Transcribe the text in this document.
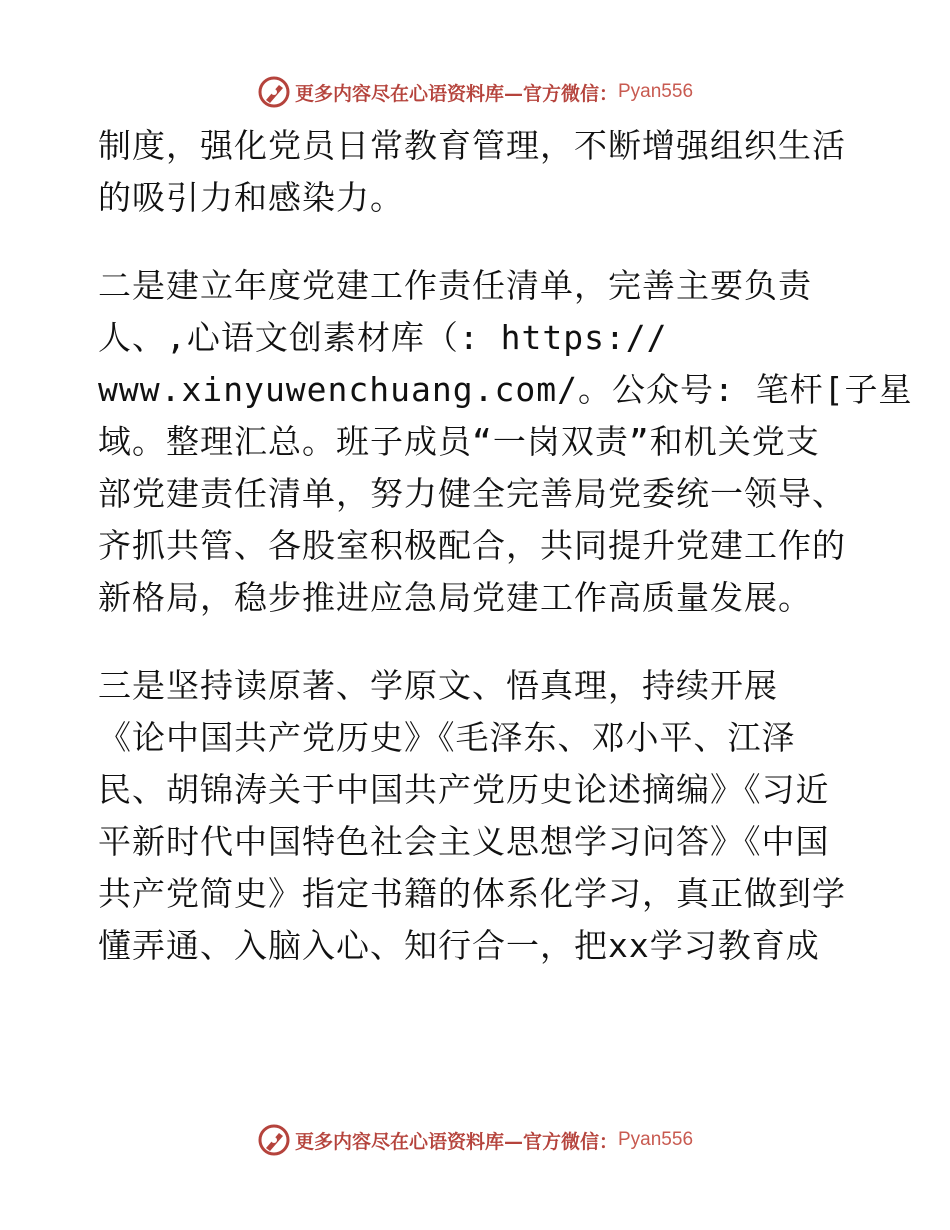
更多内容尽在心语资料库—官方微信： Pyan556
制度，强化党员日常教育管理，不断增强组织生活
的吸引力和感染力。
二是建立年度党建工作责任清单，完善主要负责
人、,心语文创素材库（: https://
www.xinyuwenchuang.com/。公众号: 笔杆[子星
域。整理汇总。班子成员“一岗双责”和机关党支
部党建责任清单，努力健全完善局党委统一领导、
齐抓共管、各股室积极配合，共同提升党建工作的
新格局，稳步推进应急局党建工作高质量发展。
三是坚持读原著、学原文、悟真理，持续开展
《论中国共产党历史》《毛泽东、邓小平、江泽
民、胡锦涛关于中国共产党历史论述摘编》《习近
平新时代中国特色社会主义思想学习问答》《中国
共产党简史》指定书籍的体系化学习，真正做到学
懂弄通、入脑入心、知行合一，把xx学习教育成
更多内容尽在心语资料库—官方微信： Pyan556
